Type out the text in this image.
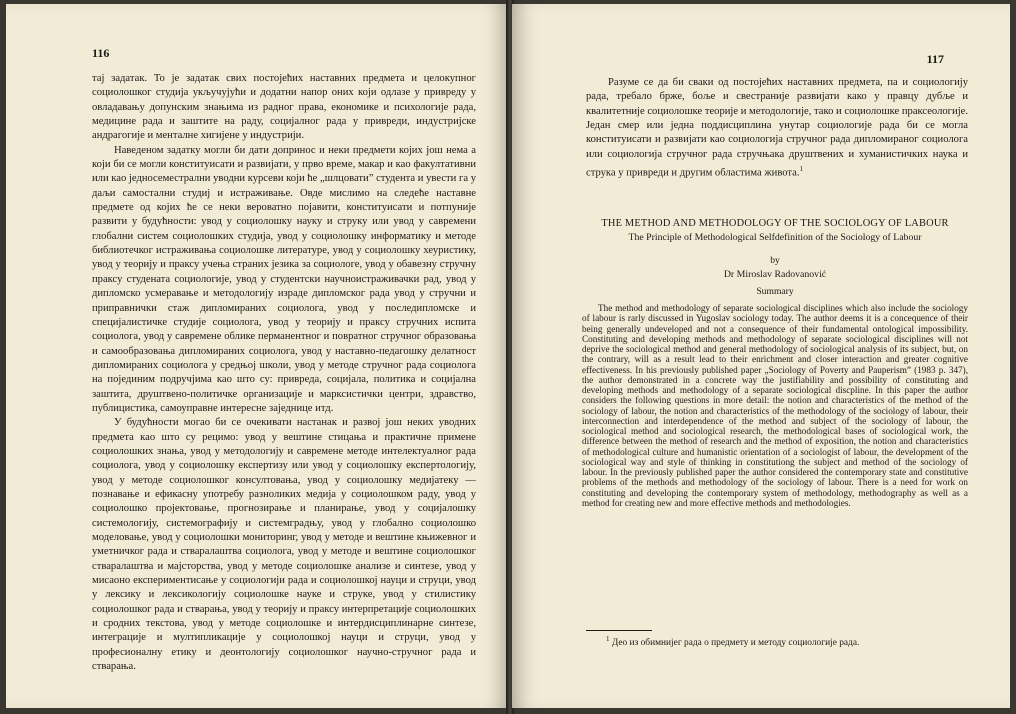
116

тај задатак. То је задатак свих постојећих наставних предмета и целокупног социолошког студија укључујући и додатни напор оних који одлазе у привреду у овладавању допунским знањима из радног права, економике и психологије рада, медицине рада и заштите на раду, социјалног рада у привреди, индустријске андрагогије и менталне хигијене у индустрији.

Наведеном задатку могли би дати допринос и неки предмети којих још нема а који би се могли конституисати и развијати, у прво време, макар и као факултативни или као једносеместрални уводни курсеви који ће „шлцовати” студента и увести га у даљи самостални студиј и истраживање. Овде мислимо на следеће наставне предмете од којих ће се неки вероватно појавити, конституисати и потпуније развити у будућности: увод у социолошку науку и струку или увод у савремени глобални систем социолошких студија, увод у социолошку информатику и методе библиотечког истраживања социолошке литературе, увод у социолошку хеуристику, увод у теорију и праксу учења страних језика за социологе, увод у обавезну стручну праксу студената социологије, увод у студентски научноистраживачки рад, увод у дипломско усмеравање и методологију израде дипломског рада увод у стручни и приправнички стаж дипломираних социолога, увод у последипломске и специјалистичке студије социолога, увод у теорију и праксу стручних испита социолога, увод у савремене облике перманентног и повратног стручног образовања и самообразовања дипломираних социолога, увод у наставно-педагошку делатност дипломираних социолога у средњој школи, увод у методе стручног рада социолога на појединим подручјима као што су: привреда, социјала, политика и социјална заштита, друштвено-политичке организације и марксистички центри, здравство, публицистика, самоуправне интересне заједнице итд.

У будућности могао би се очекивати настанак и развој још неких уводних предмета као што су рецимо: увод у вештине стицања и практичне примене социолошких знања, увод у методологију и савремене методе интелектуалног рада социолога, увод у социолошку експертизу или увод у социолошку експертологију, увод у методе социолошког консултовања, увод у социолошку медијатеку — познавање и ефикасну употребу разноликих медија у социолошком раду, увод у социолошко пројектовање, прогнозирање и планирање, увод у социјалошку системологију, системографију и системградњу, увод у глобално социолошко моделовање, увод у социолошки мониторинг, увод у методе и вештине књижевног и уметничког рада и стваралаштва социолога, увод у методе и вештине социолошког стваралаштва и мајсторства, увод у методе социолошке анализе и синтезе, увод у мисаоно експериментисање у социологији рада и социолошкој науци и струци, увод у лексику и лексикологију социолошке науке и струке, увод у стилистику социолошког рада и стварања, увод у теорију и праксу интерпретације социолошких и сродних текстова, увод у методе социолошке и интердисциплинарне синтезе, интеграције и мултипликације у социолошкој науци и струци, увод у професионалну етику и деонтологију социолошког научно-стручног рада и стварања.

117

Разуме се да би сваки од постојећих наставних предмета, па и социологију рада, требало брже, боље и свестраније развијати како у правцу дубље и квалитетније социолошке теорије и методологије, тако и социолошке праксеологије. Један смер или једна поддисциплина унутар социологије рада би се могла конституисати и развијати као социологија стручног рада дипломираног социолога или социологија стручног рада стручњака друштвених и хуманистичких наука и струка у привреди и другим областима живота.$^1$

THE METHOD AND METHODOLOGY OF THE SOCIOLOGY OF LABOUR

The Principle of Methodological Selfdefinition of the Sociology of Labour

by

Dr Miroslav Radovanović

Summary

The method and methodology of separate sociological disciplines which also include the sociology of labour is rarly discussed in Yugoslav sociology today. The author deems it is a concequence of their being generally undeveloped and not a consequence of their fundamental ontological impossibility. Constituting and developing methods and methodology of separate sociological disciplines will not deprive the sociological method and general methodology of sociological analysis of its subject, but, on the contrary, will as a result lead to their enrichment and closer interaction and greater cognitive effectiveness. In his previously published paper „Sociology of Poverty and Pauperism” (1983 p. 347), the author demonstrated in a concrete way the justifiability and possibility of constituting and developing methods and methodology of a separate sociological discpline. In this paper the author considers the following questions in more detail: the notion and characteristics of the method of the sociology of labour, the notion and characteristics of the methodology of the sociology of labour, their interconnection and interdependence of the method and subject of the sociology of labour, the sociological method and sociological research, the methodological bases of sociological work, the difference between the method of research and the method of exposition, the notion and characteristics of methodological culture and humanistic orientation of a sociologist of labour, the development of the sociological way and style of thinking in constitutiong the subject and method of the sociology of labour. In the previously published paper the author considered the contemporary state and constitutive problems of the methods and methodology of the sociology of labour. There is a need for work on constituting and developing the contemporary system of methodology, methodography as well as a method for creating new and more effective methods and methodologies.

$^1$ Део из обимнијег рада о предмету и методу социологије рада.
